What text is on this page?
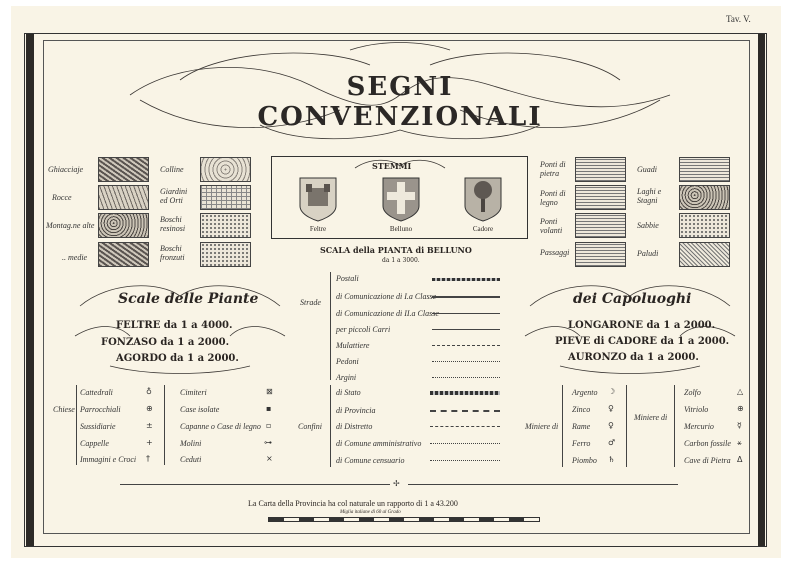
Tav. V.
SEGNI CONVENZIONALI
Ghiacciaje
Rocce
Montag.ne alte
.. medie
Colline
Giardini ed Orti
Boschi resinosi
Boschi fronzuti
STEMMI
Feltre	Belluno	Cadore
Ponti di pietra
Ponti di legno
Ponti volanti
Passaggi
Guadi
Laghi e Stagni
Sabbie
Paludi
SCALA della PIANTA di BELLUNO
da 1 a 3000.
Scale delle Piante
FELTRE da 1 a 4000.
FONZASO da 1 a 2000.
AGORDO da 1 a 2000.
dei Capoluoghi
LONGARONE da 1 a 2000.
PIEVE di CADORE da 1 a 2000.
AURONZO da 1 a 2000.
Strade
Postali
di Comunicazione di I.a Classe
di Comunicazione di II.a Classe
per piccoli Carri
Mulattiere
Pedoni
Argini
Confini
di Stato
di Provincia
di Distretto
di Comune amministrativo
di Comune censuario
Chiese
Cattedrali
Parrocchiali
Sussidiarie
Cappelle
Immagini e Croci
♁
⊕
±
+
†
Cimiteri
Case isolate
Capanne o Case di legno
Molini
Ceduti
⊠
▪
▫
⊶
×
Miniere di
Argento
Zinco
Rame
Ferro
Piombo
☽
♀
♀
♂
♄
Miniere di
Zolfo
Vitriolo
Mercurio
Carbon fossile
Cave di Pietra
△
⊕
☿
⚹
Δ
✢
La Carta della Provincia ha col naturale un rapporto di 1 a 43.200
Miglia italiane di 60 al Grado
